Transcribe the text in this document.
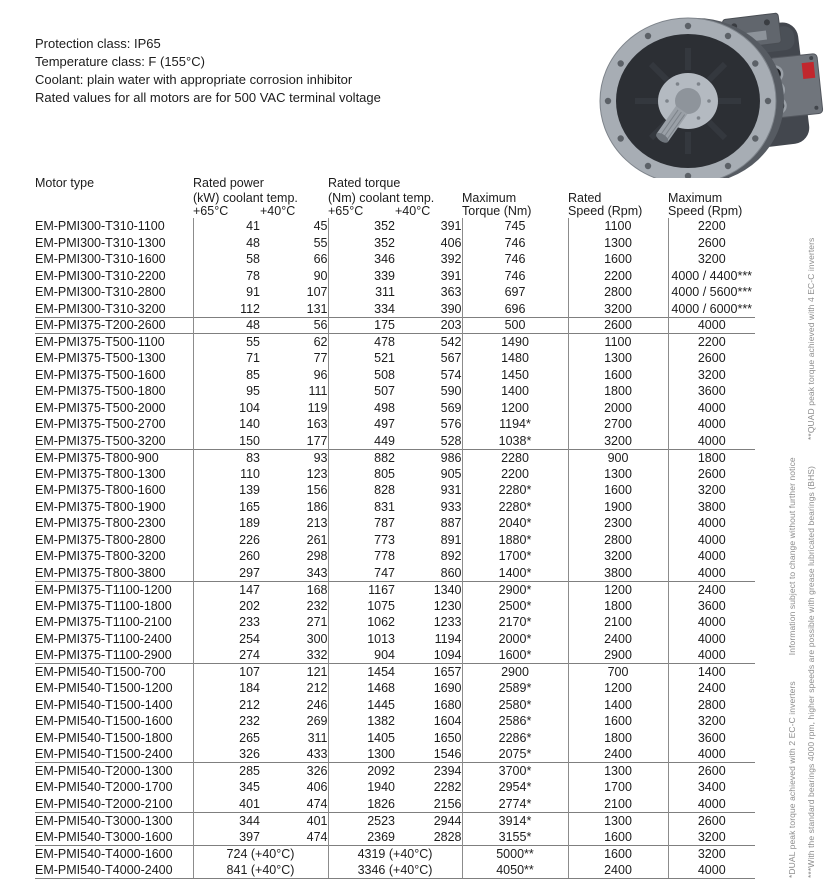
Protection class: IP65
Temperature class: F (155°C)
Coolant: plain water with appropriate corrosion inhibitor
Rated values for all motors are for 500 VAC terminal voltage
Motor type	Rated power		Rated torque				
	(kW) coolant temp.		(Nm) coolant temp.		Maximum	Rated	Maximum
	+65°C	+40°C	+65°C	+40°C	Torque (Nm)	Speed (Rpm)	Speed (Rpm)
EM-PMI300-T310-1100	41	45	352	391	745	1100	2200
EM-PMI300-T310-1300	48	55	352	406	746	1300	2600
EM-PMI300-T310-1600	58	66	346	392	746	1600	3200
EM-PMI300-T310-2200	78	90	339	391	746	2200	4000 / 4400***
EM-PMI300-T310-2800	91	107	311	363	697	2800	4000 / 5600***
EM-PMI300-T310-3200	112	131	334	390	696	3200	4000 / 6000***
EM-PMI375-T200-2600	48	56	175	203	500	2600	4000
EM-PMI375-T500-1100	55	62	478	542	1490	1100	2200
EM-PMI375-T500-1300	71	77	521	567	1480	1300	2600
EM-PMI375-T500-1600	85	96	508	574	1450	1600	3200
EM-PMI375-T500-1800	95	111	507	590	1400	1800	3600
EM-PMI375-T500-2000	104	119	498	569	1200	2000	4000
EM-PMI375-T500-2700	140	163	497	576	1194*	2700	4000
EM-PMI375-T500-3200	150	177	449	528	1038*	3200	4000
EM-PMI375-T800-900	83	93	882	986	2280	900	1800
EM-PMI375-T800-1300	110	123	805	905	2200	1300	2600
EM-PMI375-T800-1600	139	156	828	931	2280*	1600	3200
EM-PMI375-T800-1900	165	186	831	933	2280*	1900	3800
EM-PMI375-T800-2300	189	213	787	887	2040*	2300	4000
EM-PMI375-T800-2800	226	261	773	891	1880*	2800	4000
EM-PMI375-T800-3200	260	298	778	892	1700*	3200	4000
EM-PMI375-T800-3800	297	343	747	860	1400*	3800	4000
EM-PMI375-T1100-1200	147	168	1167	1340	2900*	1200	2400
EM-PMI375-T1100-1800	202	232	1075	1230	2500*	1800	3600
EM-PMI375-T1100-2100	233	271	1062	1233	2170*	2100	4000
EM-PMI375-T1100-2400	254	300	1013	1194	2000*	2400	4000
EM-PMI375-T1100-2900	274	332	904	1094	1600*	2900	4000
EM-PMI540-T1500-700	107	121	1454	1657	2900	700	1400
EM-PMI540-T1500-1200	184	212	1468	1690	2589*	1200	2400
EM-PMI540-T1500-1400	212	246	1445	1680	2580*	1400	2800
EM-PMI540-T1500-1600	232	269	1382	1604	2586*	1600	3200
EM-PMI540-T1500-1800	265	311	1405	1650	2286*	1800	3600
EM-PMI540-T1500-2400	326	433	1300	1546	2075*	2400	4000
EM-PMI540-T2000-1300	285	326	2092	2394	3700*	1300	2600
EM-PMI540-T2000-1700	345	406	1940	2282	2954*	1700	3400
EM-PMI540-T2000-2100	401	474	1826	2156	2774*	2100	4000
EM-PMI540-T3000-1300	344	401	2523	2944	3914*	1300	2600
EM-PMI540-T3000-1600	397	474	2369	2828	3155*	1600	3200
EM-PMI540-T4000-1600	724 (+40°C)		4319 (+40°C)		5000**	1600	3200
EM-PMI540-T4000-2400	841 (+40°C)		3346 (+40°C)		4050**	2400	4000	***With the standard bearings 4000 rpm, higher speeds are possible with grease lubricated bearings (BHS)
**QUAD peak torque achieved with 4 EC-C inverters
*DUAL peak torque achieved with 2 EC-C inverters
Information subject to change without further notice
